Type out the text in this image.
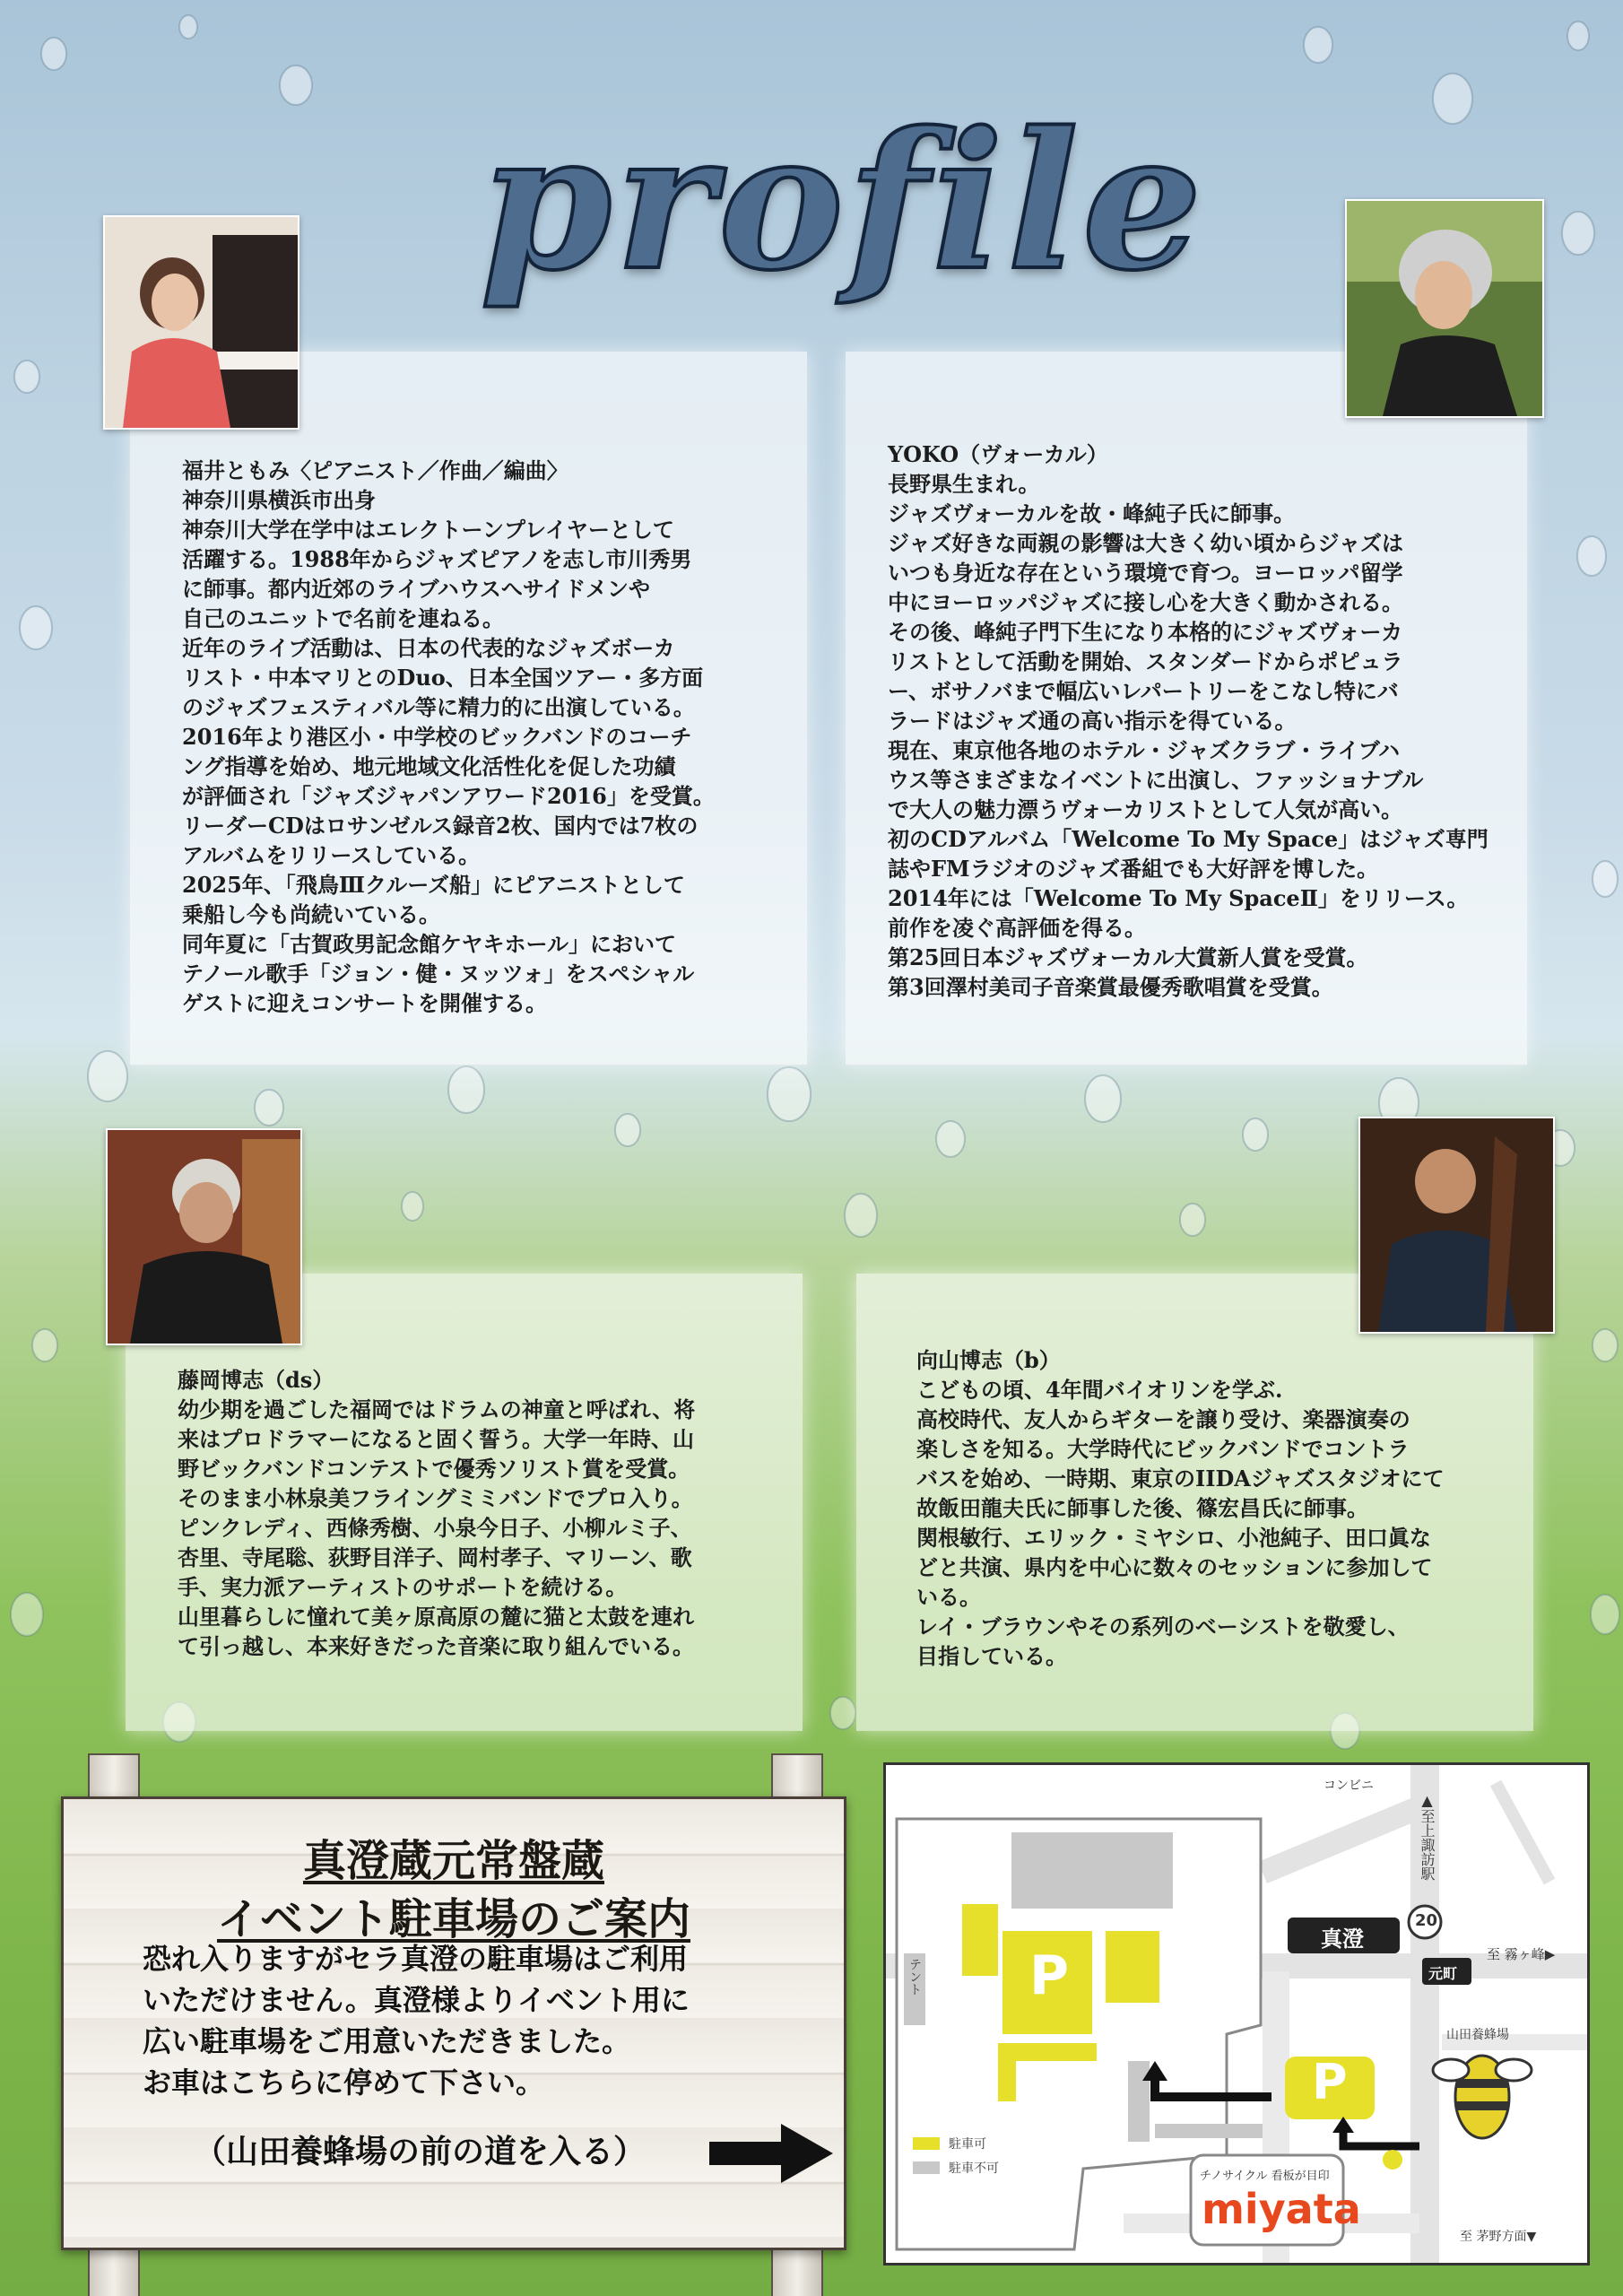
profile
福井ともみ〈ピアニスト／作曲／編曲〉
神奈川県横浜市出身
神奈川大学在学中はエレクトーンプレイヤーとして
活躍する。1988年からジャズピアノを志し市川秀男
に師事。都内近郊のライブハウスへサイドメンや
自己のユニットで名前を連ねる。
近年のライブ活動は、日本の代表的なジャズボーカ
リスト・中本マリとのDuo、日本全国ツアー・多方面
のジャズフェスティバル等に精力的に出演している。
2016年より港区小・中学校のビックバンドのコーチ
ング指導を始め、地元地域文化活性化を促した功績
が評価され「ジャズジャパンアワード2016」を受賞。
リーダーCDはロサンゼルス録音2枚、国内では7枚の
アルバムをリリースしている。
2025年、「飛鳥Ⅲクルーズ船」にピアニストとして
乗船し今も尚続いている。
同年夏に「古賀政男記念館ケヤキホール」において
テノール歌手「ジョン・健・ヌッツォ」をスペシャル
ゲストに迎えコンサートを開催する。
YOKO（ヴォーカル）
長野県生まれ。
ジャズヴォーカルを故・峰純子氏に師事。
ジャズ好きな両親の影響は大きく幼い頃からジャズは
いつも身近な存在という環境で育つ。ヨーロッパ留学
中にヨーロッパジャズに接し心を大きく動かされる。
その後、峰純子門下生になり本格的にジャズヴォーカ
リストとして活動を開始、スタンダードからポピュラ
ー、ボサノバまで幅広いレパートリーをこなし特にバ
ラードはジャズ通の高い指示を得ている。
現在、東京他各地のホテル・ジャズクラブ・ライブハ
ウス等さまざまなイベントに出演し、ファッショナブル
で大人の魅力漂うヴォーカリストとして人気が高い。
初のCDアルバム「Welcome To My Space」はジャズ専門
誌やFMラジオのジャズ番組でも大好評を博した。
2014年には「Welcome To My SpaceⅡ」をリリース。
前作を凌ぐ高評価を得る。
第25回日本ジャズヴォーカル大賞新人賞を受賞。
第3回澤村美司子音楽賞最優秀歌唱賞を受賞。
藤岡博志（ds）
幼少期を過ごした福岡ではドラムの神童と呼ばれ、将
来はプロドラマーになると固く誓う。大学一年時、山
野ビックバンドコンテストで優秀ソリスト賞を受賞。
そのまま小林泉美フライングミミバンドでプロ入り。
ピンクレディ、西條秀樹、小泉今日子、小柳ルミ子、
杏里、寺尾聡、荻野目洋子、岡村孝子、マリーン、歌
手、実力派アーティストのサポートを続ける。
山里暮らしに憧れて美ヶ原高原の麓に猫と太鼓を連れ
て引っ越し、本来好きだった音楽に取り組んでいる。
向山博志（b）
こどもの頃、4年間バイオリンを学ぶ.
高校時代、友人からギターを譲り受け、楽器演奏の
楽しさを知る。大学時代にビックバンドでコントラ
バスを始め、一時期、東京のIIDAジャズスタジオにて
故飯田龍夫氏に師事した後、篠宏昌氏に師事。
関根敏行、エリック・ミヤシロ、小池純子、田口眞な
どと共演、県内を中心に数々のセッションに参加して
いる。
レイ・ブラウンやその系列のベーシストを敬愛し、
目指している。
真澄蔵元常盤蔵
イベント駐車場のご案内
恐れ入りますがセラ真澄の駐車場はご利用
いただけません。真澄様よりイベント用に
広い駐車場をご用意いただきました。
お車はこちらに停めて下さい。
（山田養蜂場の前の道を入る）
コンビニ
▲至上諏訪駅
20
真澄
至 霧ヶ峰▶
元町
テント
山田養蜂場
P
P
駐車可
駐車不可
チノサイクル 看板が目印
miyata
至 茅野方面▼
